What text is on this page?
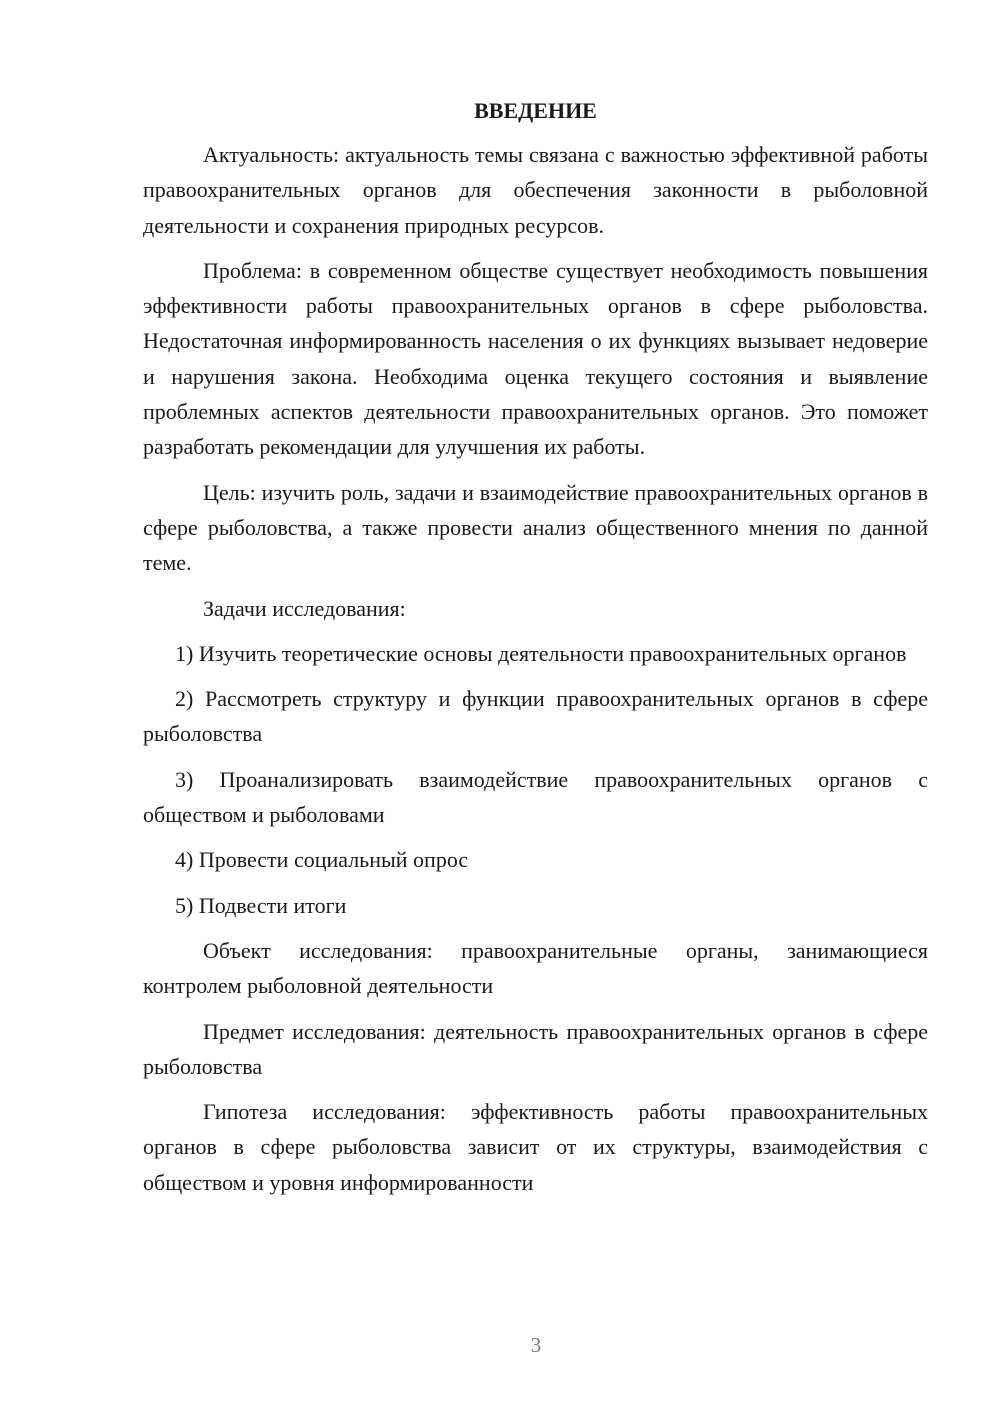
ВВЕДЕНИЕ

Актуальность: актуальность темы связана с важностью эффективной работы правоохранительных органов для обеспечения законности в рыболовной деятельности и сохранения природных ресурсов.

Проблема: в современном обществе существует необходимость повышения эффективности работы правоохранительных органов в сфере рыболовства. Недостаточная информированность населения о их функциях вызывает недоверие и нарушения закона. Необходима оценка текущего состояния и выявление проблемных аспектов деятельности правоохранительных органов. Это поможет разработать рекомендации для улучшения их работы.

Цель: изучить роль, задачи и взаимодействие правоохранительных органов в сфере рыболовства, а также провести анализ общественного мнения по данной теме.

Задачи исследования:

1) Изучить теоретические основы деятельности правоохранительных органов

2) Рассмотреть структуру и функции правоохранительных органов в сфере рыболовства

3) Проанализировать взаимодействие правоохранительных органов с обществом и рыболовами

4) Провести социальный опрос

5) Подвести итоги

Объект исследования: правоохранительные органы, занимающиеся контролем рыболовной деятельности

Предмет исследования: деятельность правоохранительных органов в сфере рыболовства

Гипотеза исследования: эффективность работы правоохранительных органов в сфере рыболовства зависит от их структуры, взаимодействия с обществом и уровня информированности

3
